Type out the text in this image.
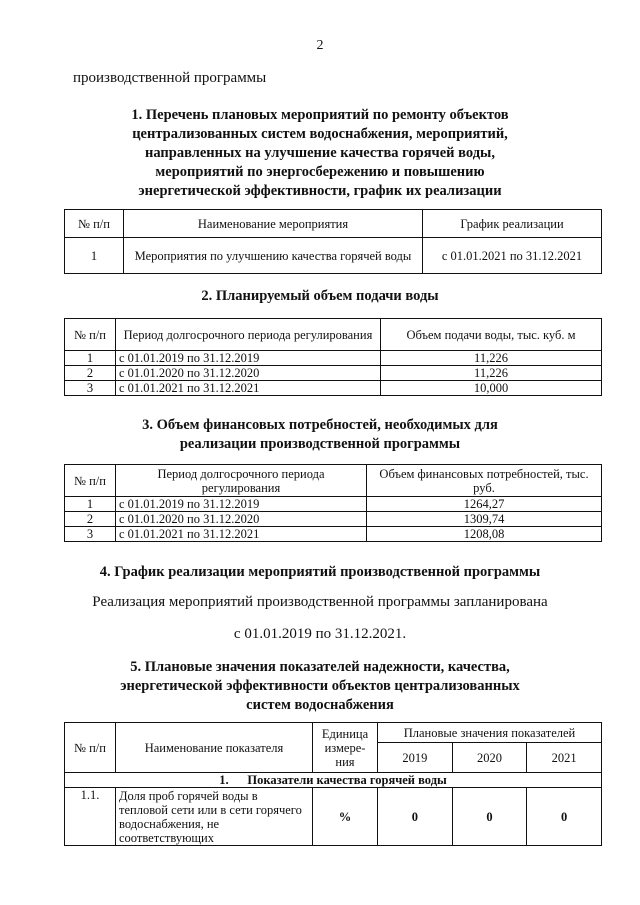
2
производственной программы
1. Перечень плановых мероприятий по ремонту объектов
централизованных систем водоснабжения, мероприятий,
направленных на улучшение качества горячей воды,
мероприятий по энергосбережению и повышению
энергетической эффективности, график их реализации
№ п/п	Наименование мероприятия	График реализации
1	Мероприятия по улучшению качества горячей воды	с 01.01.2021 по 31.12.2021
2. Планируемый объем подачи воды
№ п/п	Период долгосрочного периода регулирования	Объем подачи воды, тыс. куб. м
1	с 01.01.2019 по 31.12.2019	11,226
2	с 01.01.2020 по 31.12.2020	11,226
3	с 01.01.2021 по 31.12.2021	10,000
3. Объем финансовых потребностей, необходимых для
реализации производственной программы
№ п/п	Период долгосрочного периода регулирования	Объем финансовых потребностей, тыс. руб.
1	с 01.01.2019 по 31.12.2019	1264,27
2	с 01.01.2020 по 31.12.2020	1309,74
3	с 01.01.2021 по 31.12.2021	1208,08
4. График реализации мероприятий производственной программы
Реализация мероприятий производственной программы запланирована
с 01.01.2019 по 31.12.2021.
5. Плановые значения показателей надежности, качества,
энергетической эффективности объектов централизованных
систем водоснабжения
№ п/п	Наименование показателя	Единица измере-ния	Плановые значения показателей		
			2019	2020	2021
1. Показатели качества горячей воды					
1.1.	Доля проб горячей воды в тепловой сети или в сети горячего водоснабжения, не соответствующих	%	0	0	0
